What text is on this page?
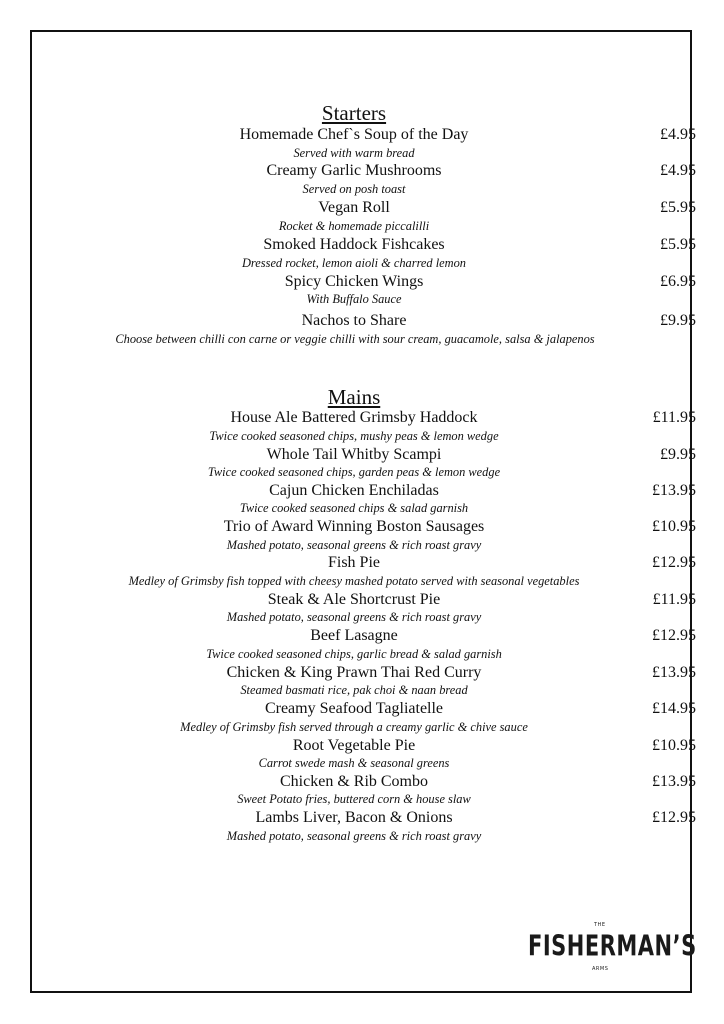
Starters
Homemade Chef`s Soup of the Day	£4.95
Served with warm bread
Creamy Garlic Mushrooms	£4.95
Served on posh toast
Vegan Roll	£5.95
Rocket & homemade piccalilli
Smoked Haddock Fishcakes	£5.95
Dressed rocket, lemon aioli & charred lemon
Spicy Chicken Wings	£6.95
With Buffalo Sauce
Nachos to Share	£9.95
Choose between chilli con carne or veggie chilli with sour cream, guacamole, salsa & jalapenos
Mains
House Ale Battered Grimsby Haddock	£11.95
Twice cooked seasoned chips, mushy peas & lemon wedge
Whole Tail Whitby Scampi	£9.95
Twice cooked seasoned chips, garden peas & lemon wedge
Cajun Chicken Enchiladas	£13.95
Twice cooked seasoned chips & salad garnish
Trio of Award Winning Boston Sausages	£10.95
Mashed potato, seasonal greens & rich roast gravy
Fish Pie	£12.95
Medley of Grimsby fish topped with cheesy mashed potato served with seasonal vegetables
Steak & Ale Shortcrust Pie	£11.95
Mashed potato, seasonal greens & rich roast gravy
Beef Lasagne	£12.95
Twice cooked seasoned chips, garlic bread & salad garnish
Chicken & King Prawn Thai Red Curry	£13.95
Steamed basmati rice, pak choi & naan bread
Creamy Seafood Tagliatelle	£14.95
Medley of Grimsby fish served through a creamy garlic & chive sauce
Root Vegetable Pie	£10.95
Carrot swede mash & seasonal greens
Chicken & Rib Combo	£13.95
Sweet Potato fries, buttered corn & house slaw
Lambs Liver, Bacon & Onions	£12.95
Mashed potato, seasonal greens & rich roast gravy
THE
FISHERMAN’S
ARMS
